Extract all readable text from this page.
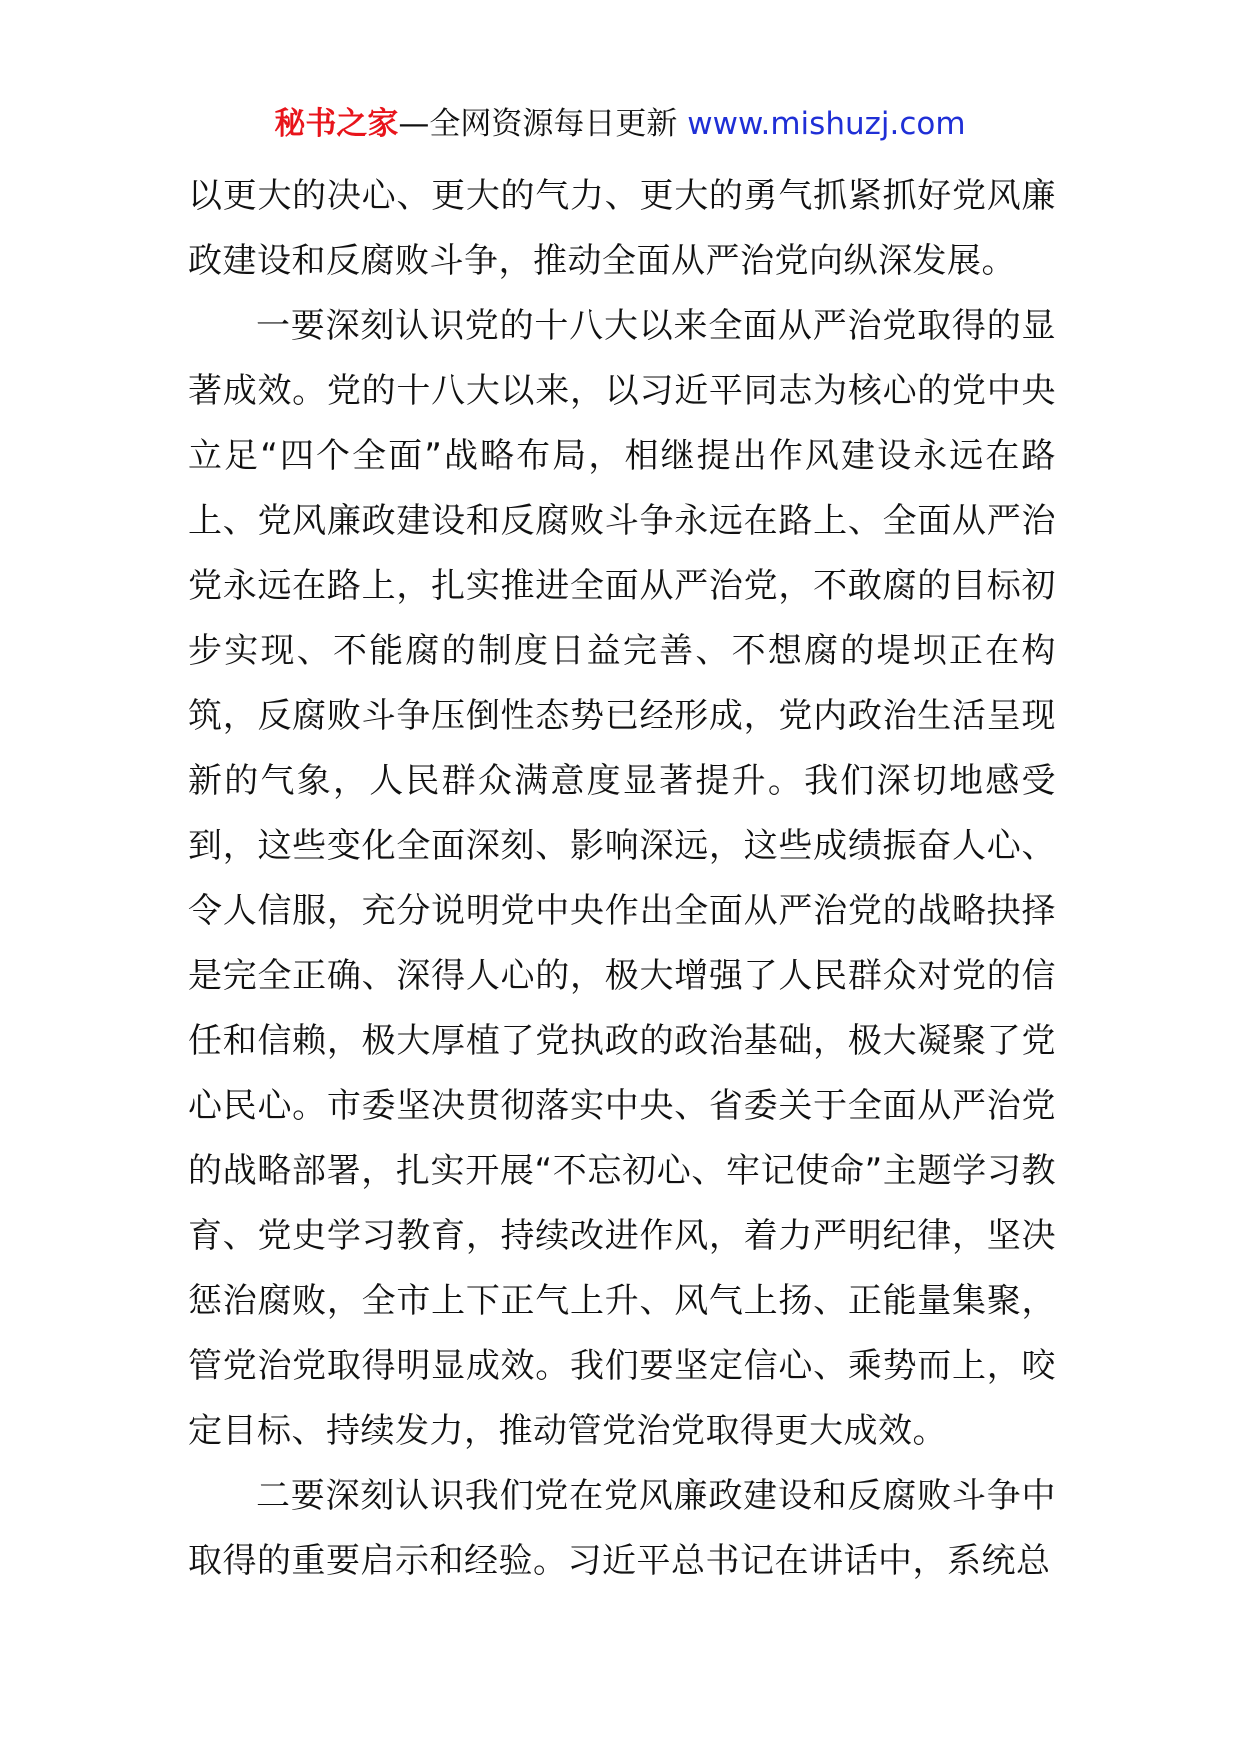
秘书之家—全网资源每日更新 www.mishuzj.com

以更大的决心、更大的气力、更大的勇气抓紧抓好党风廉政建设和反腐败斗争，推动全面从严治党向纵深发展。

一要深刻认识党的十八大以来全面从严治党取得的显著成效。党的十八大以来，以习近平同志为核心的党中央立足“四个全面”战略布局，相继提出作风建设永远在路上、党风廉政建设和反腐败斗争永远在路上、全面从严治党永远在路上，扎实推进全面从严治党，不敢腐的目标初步实现、不能腐的制度日益完善、不想腐的堤坝正在构筑，反腐败斗争压倒性态势已经形成，党内政治生活呈现新的气象，人民群众满意度显著提升。我们深切地感受到，这些变化全面深刻、影响深远，这些成绩振奋人心、令人信服，充分说明党中央作出全面从严治党的战略抉择是完全正确、深得人心的，极大增强了人民群众对党的信任和信赖，极大厚植了党执政的政治基础，极大凝聚了党心民心。市委坚决贯彻落实中央、省委关于全面从严治党的战略部署，扎实开展“不忘初心、牢记使命”主题学习教育、党史学习教育，持续改进作风，着力严明纪律，坚决惩治腐败，全市上下正气上升、风气上扬、正能量集聚，管党治党取得明显成效。我们要坚定信心、乘势而上，咬定目标、持续发力，推动管党治党取得更大成效。

二要深刻认识我们党在党风廉政建设和反腐败斗争中取得的重要启示和经验。习近平总书记在讲话中，系统总
